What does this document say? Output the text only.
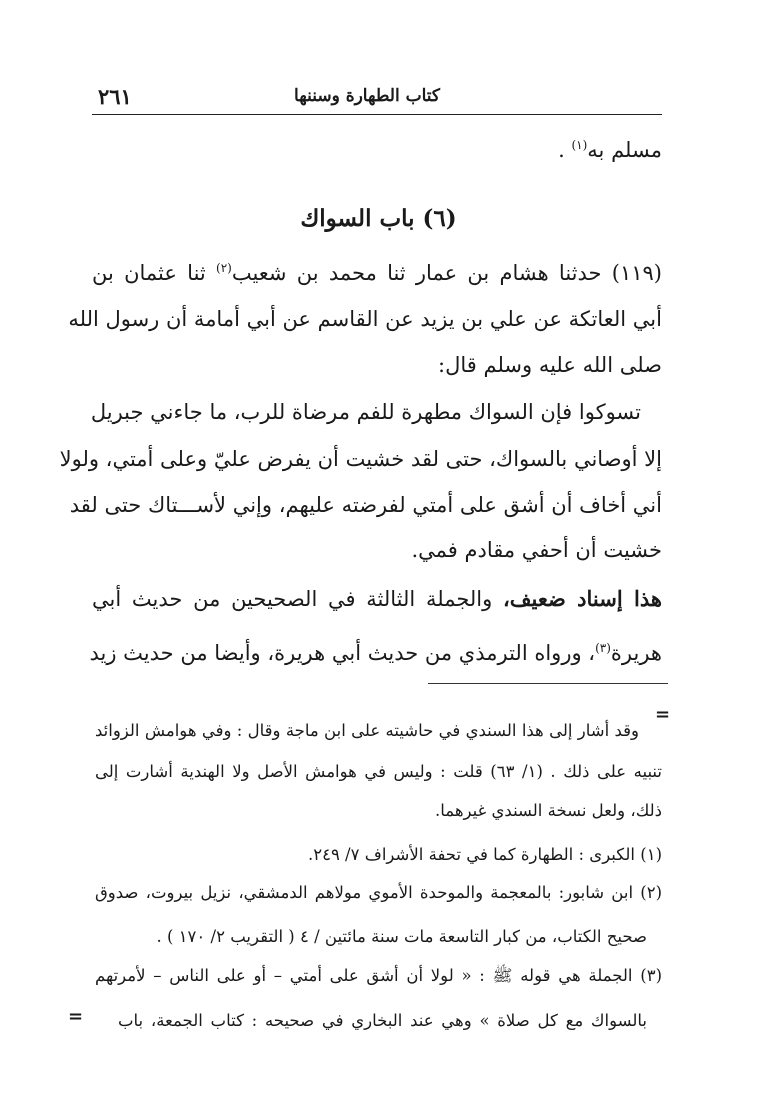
كتاب الطهارة وسننها
٢٦١
مسلم به$^{(١)}$ .
(٦) باب السواك
(١١٩) حدثنا هشام بن عمار ثنا محمد بن شعيب$^{(٢)}$ ثنا عثمان بن
أبي العاتكة عن علي بن يزيد عن القاسم عن أبي أمامة أن رسول الله
صلى الله عليه وسلم قال:
تسوكوا فإن السواك مطهرة للفم مرضاة للرب، ما جاءني جبريل
إلا أوصاني بالسواك، حتى لقد خشيت أن يفرض عليّ وعلى أمتي، ولولا
أني أخاف أن أشق على أمتي لفرضته عليهم، وإني لأســـتاك حتى لقد
خشيت أن أحفي مقادم فمي.
هذا إسناد ضعيف، والجملة الثالثة في الصحيحين من حديث أبي
هريرة$^{(٣)}$، ورواه الترمذي من حديث أبي هريرة، وأيضا من حديث زيد
=
وقد أشار إلى هذا السندي في حاشيته على ابن ماجة وقال : وفي هوامش الزوائد
تنبيه على ذلك . (١/ ٦٣) قلت : وليس في هوامش الأصل ولا الهندية أشارت إلى
ذلك، ولعل نسخة السندي غيرهما.
(١) الكبرى : الطهارة كما في تحفة الأشراف ٧/ ٢٤٩.
(٢) ابن شابور: بالمعجمة والموحدة الأموي مولاهم الدمشقي، نزيل بيروت، صدوق
صحيح الكتاب، من كبار التاسعة مات سنة مائتين / ٤ ( التقريب ٢/ ١٧٠ ) .
(٣) الجملة هي قوله ﷺ : « لولا أن أشق على أمتي – أو على الناس – لأمرتهم
بالسواك مع كل صلاة » وهي عند البخاري في صحيحه : كتاب الجمعة، باب
=
